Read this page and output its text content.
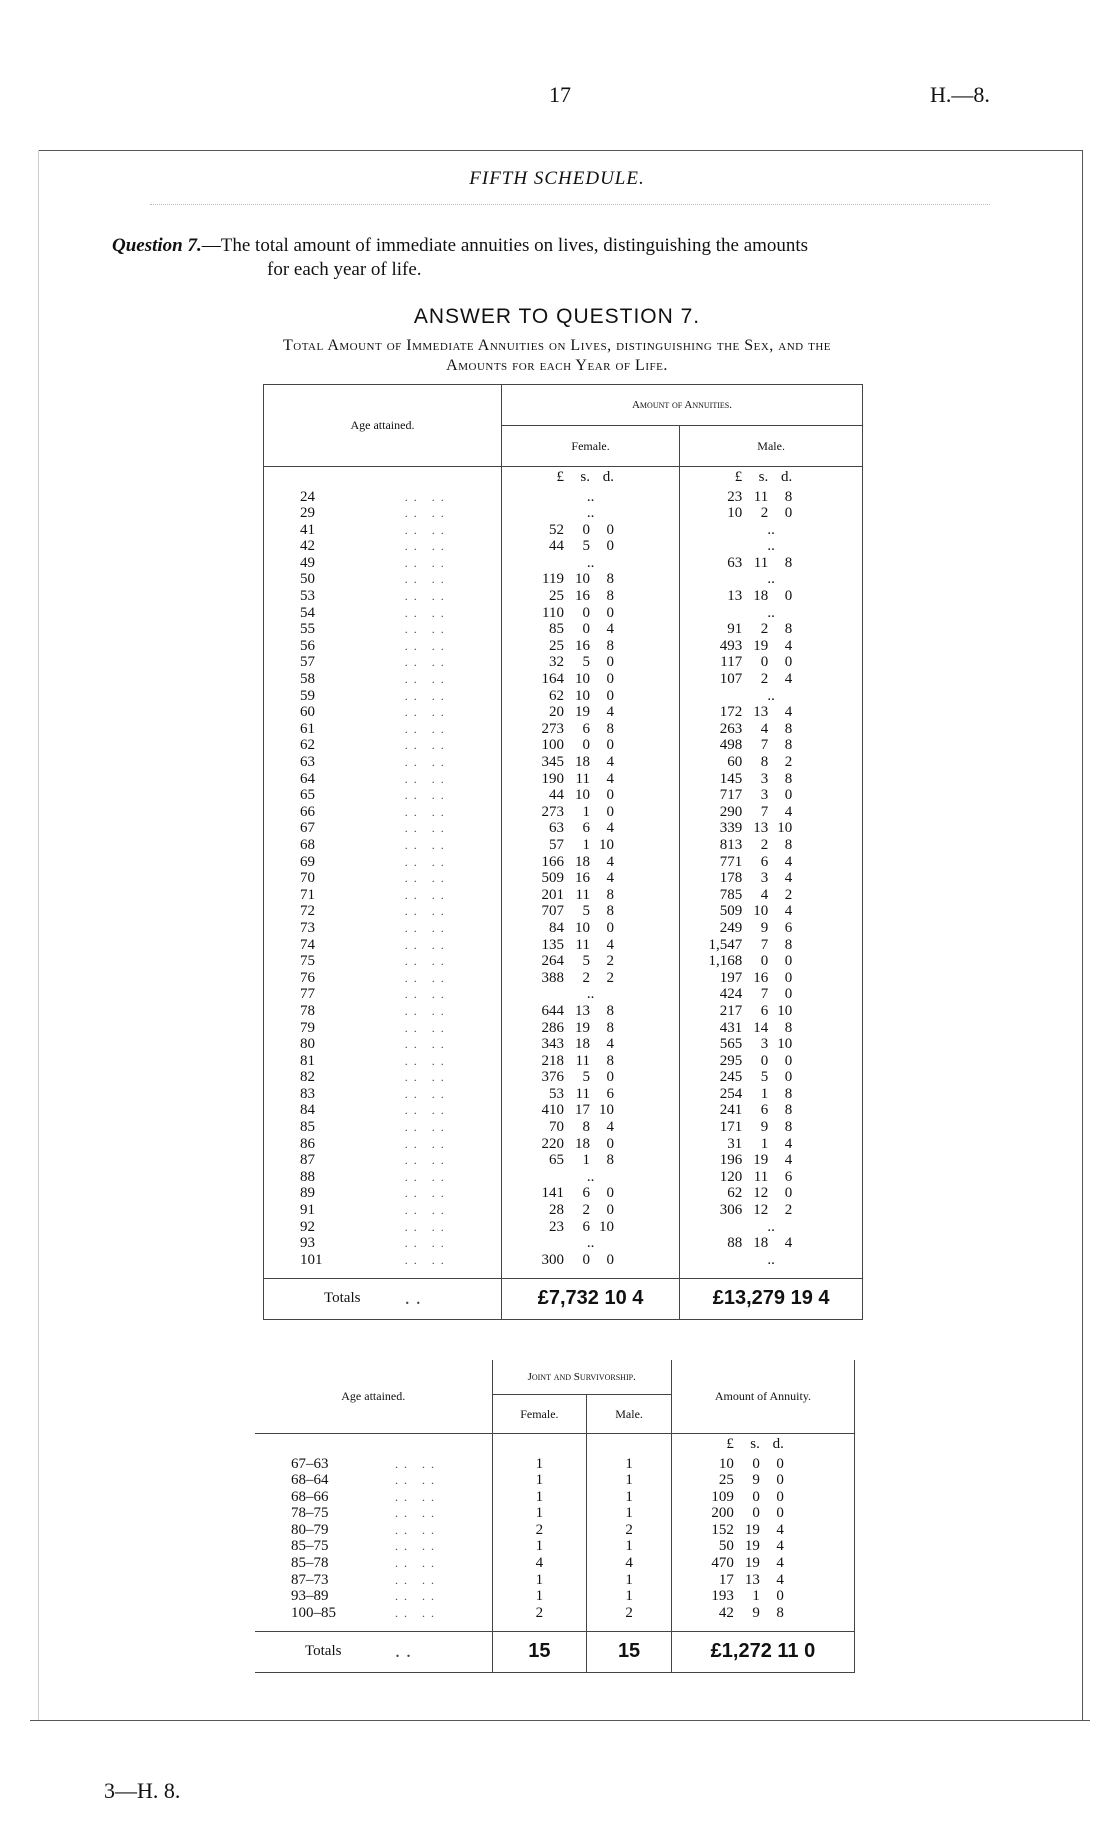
17	H.—8.
FIFTH SCHEDULE.
Question 7.—The total amount of immediate annuities on lives, distinguishing the amounts
for each year of life.
ANSWER TO QUESTION 7.
Total Amount of Immediate Annuities on Lives, distinguishing the Sex, and the
Amounts for each Year of Life.
Age attained.		Amount of Annuities.	
		Female.	Male.
		£ s. d.	£ s. d.
24	.. ..	..	23 11 8
29	.. ..	..	10 2 0
41	.. ..	52 0 0	..
42	.. ..	44 5 0	..
49	.. ..	..	63 11 8
50	.. ..	119 10 8	..
53	.. ..	25 16 8	13 18 0
54	.. ..	110 0 0	..
55	.. ..	85 0 4	91 2 8
56	.. ..	25 16 8	493 19 4
57	.. ..	32 5 0	117 0 0
58	.. ..	164 10 0	107 2 4
59	.. ..	62 10 0	..
60	.. ..	20 19 4	172 13 4
61	.. ..	273 6 8	263 4 8
62	.. ..	100 0 0	498 7 8
63	.. ..	345 18 4	60 8 2
64	.. ..	190 11 4	145 3 8
65	.. ..	44 10 0	717 3 0
66	.. ..	273 1 0	290 7 4
67	.. ..	63 6 4	339 13 10
68	.. ..	57 1 10	813 2 8
69	.. ..	166 18 4	771 6 4
70	.. ..	509 16 4	178 3 4
71	.. ..	201 11 8	785 4 2
72	.. ..	707 5 8	509 10 4
73	.. ..	84 10 0	249 9 6
74	.. ..	135 11 4	1,547 7 8
75	.. ..	264 5 2	1,168 0 0
76	.. ..	388 2 2	197 16 0
77	.. ..	..	424 7 0
78	.. ..	644 13 8	217 6 10
79	.. ..	286 19 8	431 14 8
80	.. ..	343 18 4	565 3 10
81	.. ..	218 11 8	295 0 0
82	.. ..	376 5 0	245 5 0
83	.. ..	53 11 6	254 1 8
84	.. ..	410 17 10	241 6 8
85	.. ..	70 8 4	171 9 8
86	.. ..	220 18 0	31 1 4
87	.. ..	65 1 8	196 19 4
88	.. ..	..	120 11 6
89	.. ..	141 6 0	62 12 0
91	.. ..	28 2 0	306 12 2
92	.. ..	23 6 10	..
93	.. ..	..	88 18 4
101	.. ..	300 0 0	..

Totals	..	£7,732 10 4	£13,279 19 4
Age attained.		Joint and Survivorship.		Amount of Annuity.
		Female.	Male.	
				£ s. d.
67–63	.. ..	1	1	10 0 0
68–64	.. ..	1	1	25 9 0
68–66	.. ..	1	1	109 0 0
78–75	.. ..	1	1	200 0 0
80–79	.. ..	2	2	152 19 4
85–75	.. ..	1	1	50 19 4
85–78	.. ..	4	4	470 19 4
87–73	.. ..	1	1	17 13 4
93–89	.. ..	1	1	193 1 0
100–85	.. ..	2	2	42 9 8

Totals	..	15	15	£1,272 11 0
3—H. 8.
